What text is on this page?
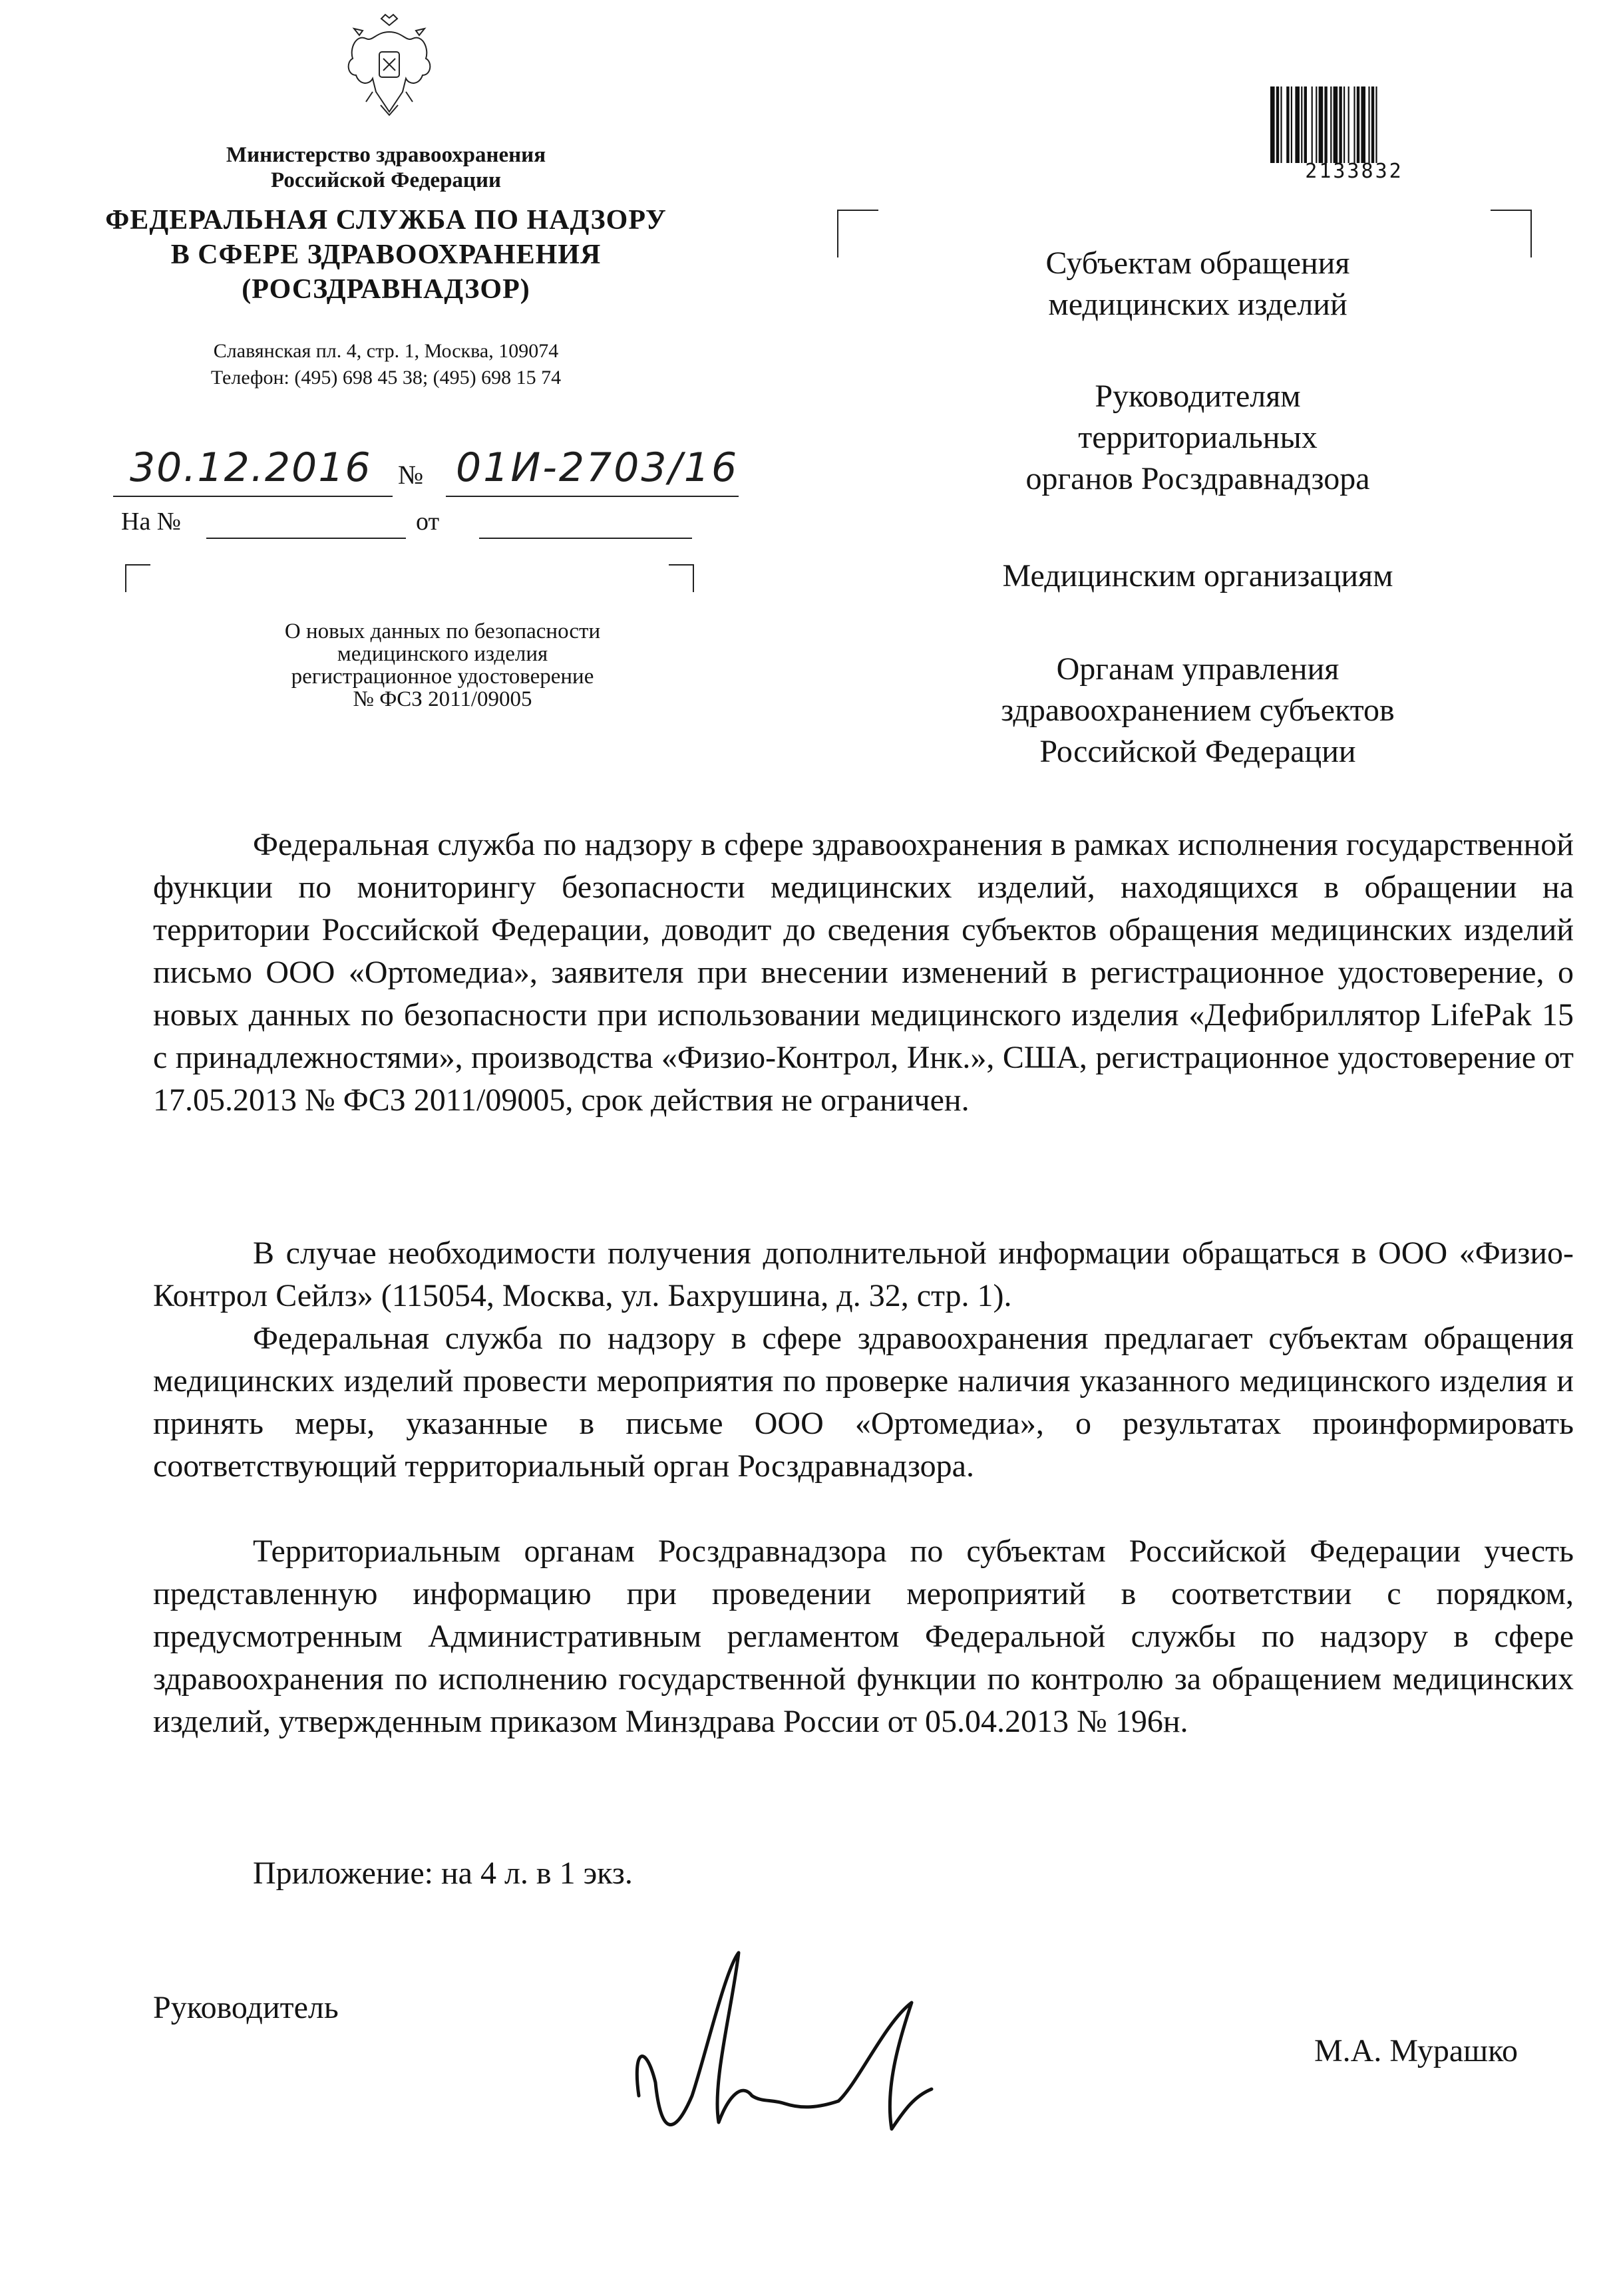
Министерство здравоохранения
Российской Федерации
ФЕДЕРАЛЬНАЯ СЛУЖБА ПО НАДЗОРУ
В СФЕРЕ ЗДРАВООХРАНЕНИЯ
(РОСЗДРАВНАДЗОР)
Славянская пл. 4, стр. 1, Москва, 109074
Телефон: (495) 698 45 38; (495) 698 15 74
30.12.2016 № 01И-2703/16
На №	от
О новых данных по безопасности
медицинского изделия
регистрационное удостоверение
№ ФСЗ 2011/09005
2133832
Субъектам обращения
медицинских изделий
Руководителям
территориальных
органов Росздравнадзора
Медицинским организациям
Органам управления
здравоохранением субъектов
Российской Федерации
Федеральная служба по надзору в сфере здравоохранения в рамках исполнения государственной функции по мониторингу безопасности медицинских изделий, находящихся в обращении на территории Российской Федерации, доводит до сведения субъектов обращения медицинских изделий письмо ООО «Ортомедиа», заявителя при внесении изменений в регистрационное удостоверение, о новых данных по безопасности при использовании медицинского изделия «Дефибриллятор LifePak 15 с принадлежностями», производства «Физио-Контрол, Инк.», США, регистрационное удостоверение от 17.05.2013 № ФСЗ 2011/09005, срок действия не ограничен.
В случае необходимости получения дополнительной информации обращаться в ООО «Физио-Контрол Сейлз» (115054, Москва, ул. Бахрушина, д. 32, стр. 1).
Федеральная служба по надзору в сфере здравоохранения предлагает субъектам обращения медицинских изделий провести мероприятия по проверке наличия указанного медицинского изделия и принять меры, указанные в письме ООО «Ортомедиа», о результатах проинформировать соответствующий территориальный орган Росздравнадзора.
Территориальным органам Росздравнадзора по субъектам Российской Федерации учесть представленную информацию при проведении мероприятий в соответствии с порядком, предусмотренным Административным регламентом Федеральной службы по надзору в сфере здравоохранения по исполнению государственной функции по контролю за обращением медицинских изделий, утвержденным приказом Минздрава России от 05.04.2013 № 196н.
Приложение: на 4 л. в 1 экз.
Руководитель
М.А. Мурашко
